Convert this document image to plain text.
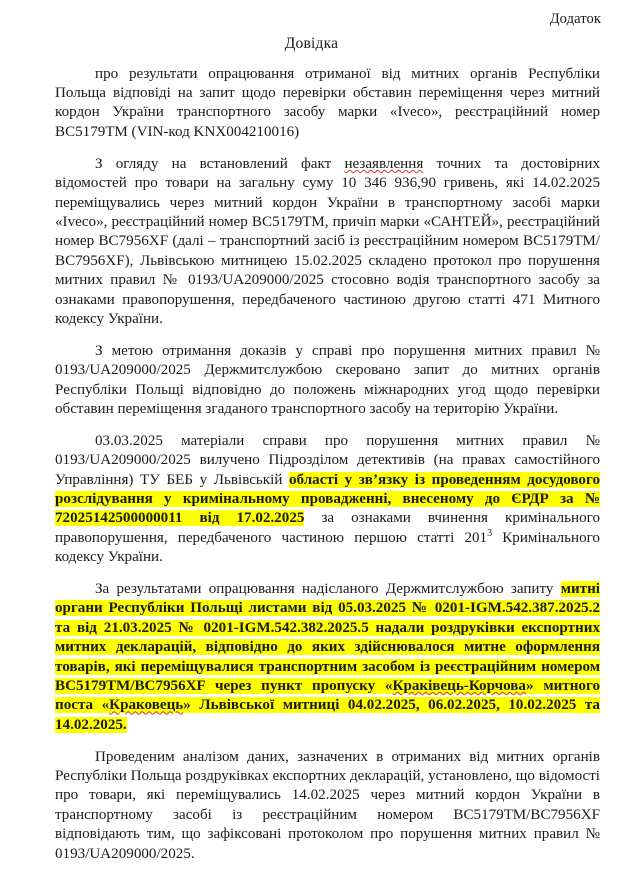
Додаток
Довідка

про результати опрацювання отриманої від митних органів Республіки Польща відповіді на запит щодо перевірки обставин переміщення через митний кордон України транспортного засобу марки «Iveco», реєстраційний номер ВС5179ТМ (VIN-код KNX004210016)

З огляду на встановлений факт незаявлення точних та достовірних відомостей про товари на загальну суму 10 346 936,90 гривень, які 14.02.2025 переміщувались через митний кордон України в транспортному засобі марки «Iveco», реєстраційний номер ВС5179ТМ, причіп марки «САНТЕЙ», реєстраційний номер ВС7956XF (далі – транспортний засіб із реєстраційним номером ВС5179ТМ/ВС7956XF), Львівською митницею 15.02.2025 складено протокол про порушення митних правил № 0193/UA209000/2025 стосовно водія транспортного засобу за ознаками правопорушення, передбаченого частиною другою статті 471 Митного кодексу України.

З метою отримання доказів у справі про порушення митних правил № 0193/UA209000/2025 Держмитслужбою скеровано запит до митних органів Республіки Польщі відповідно до положень міжнародних угод щодо перевірки обставин переміщення згаданого транспортного засобу на територію України.

03.03.2025 матеріали справи про порушення митних правил № 0193/UA209000/2025 вилучено Підрозділом детективів (на правах самостійного Управління) ТУ БЕБ у Львівській області у зв’язку із проведенням досудового розслідування у кримінальному провадженні, внесеному до ЄРДР за № 72025142500000011 від 17.02.2025 за ознаками вчинення кримінального правопорушення, передбаченого частиною першою статті $201^3$ Кримінального кодексу України.

За результатами опрацювання надісланого Держмитслужбою запиту митні органи Республіки Польщі листами від 05.03.2025 № 0201-IGM.542.387.2025.2 та від 21.03.2025 № 0201-IGM.542.382.2025.5 надали роздруківки експортних митних декларацій, відповідно до яких здійснювалося митне оформлення товарів, які переміщувалися транспортним засобом із реєстраційним номером ВС5179ТМ/ВС7956XF через пункт пропуску «Краківець-Корчова» митного поста «Краковець» Львівської митниці 04.02.2025, 06.02.2025, 10.02.2025 та 14.02.2025.

Проведеним аналізом даних, зазначених в отриманих від митних органів Республіки Польща роздруківках експортних декларацій, установлено, що відомості про товари, які переміщувались 14.02.2025 через митний кордон України в транспортному засобі із реєстраційним номером ВС5179ТМ/ВС7956XF відповідають тим, що зафіксовані протоколом про порушення митних правил № 0193/UA209000/2025.
